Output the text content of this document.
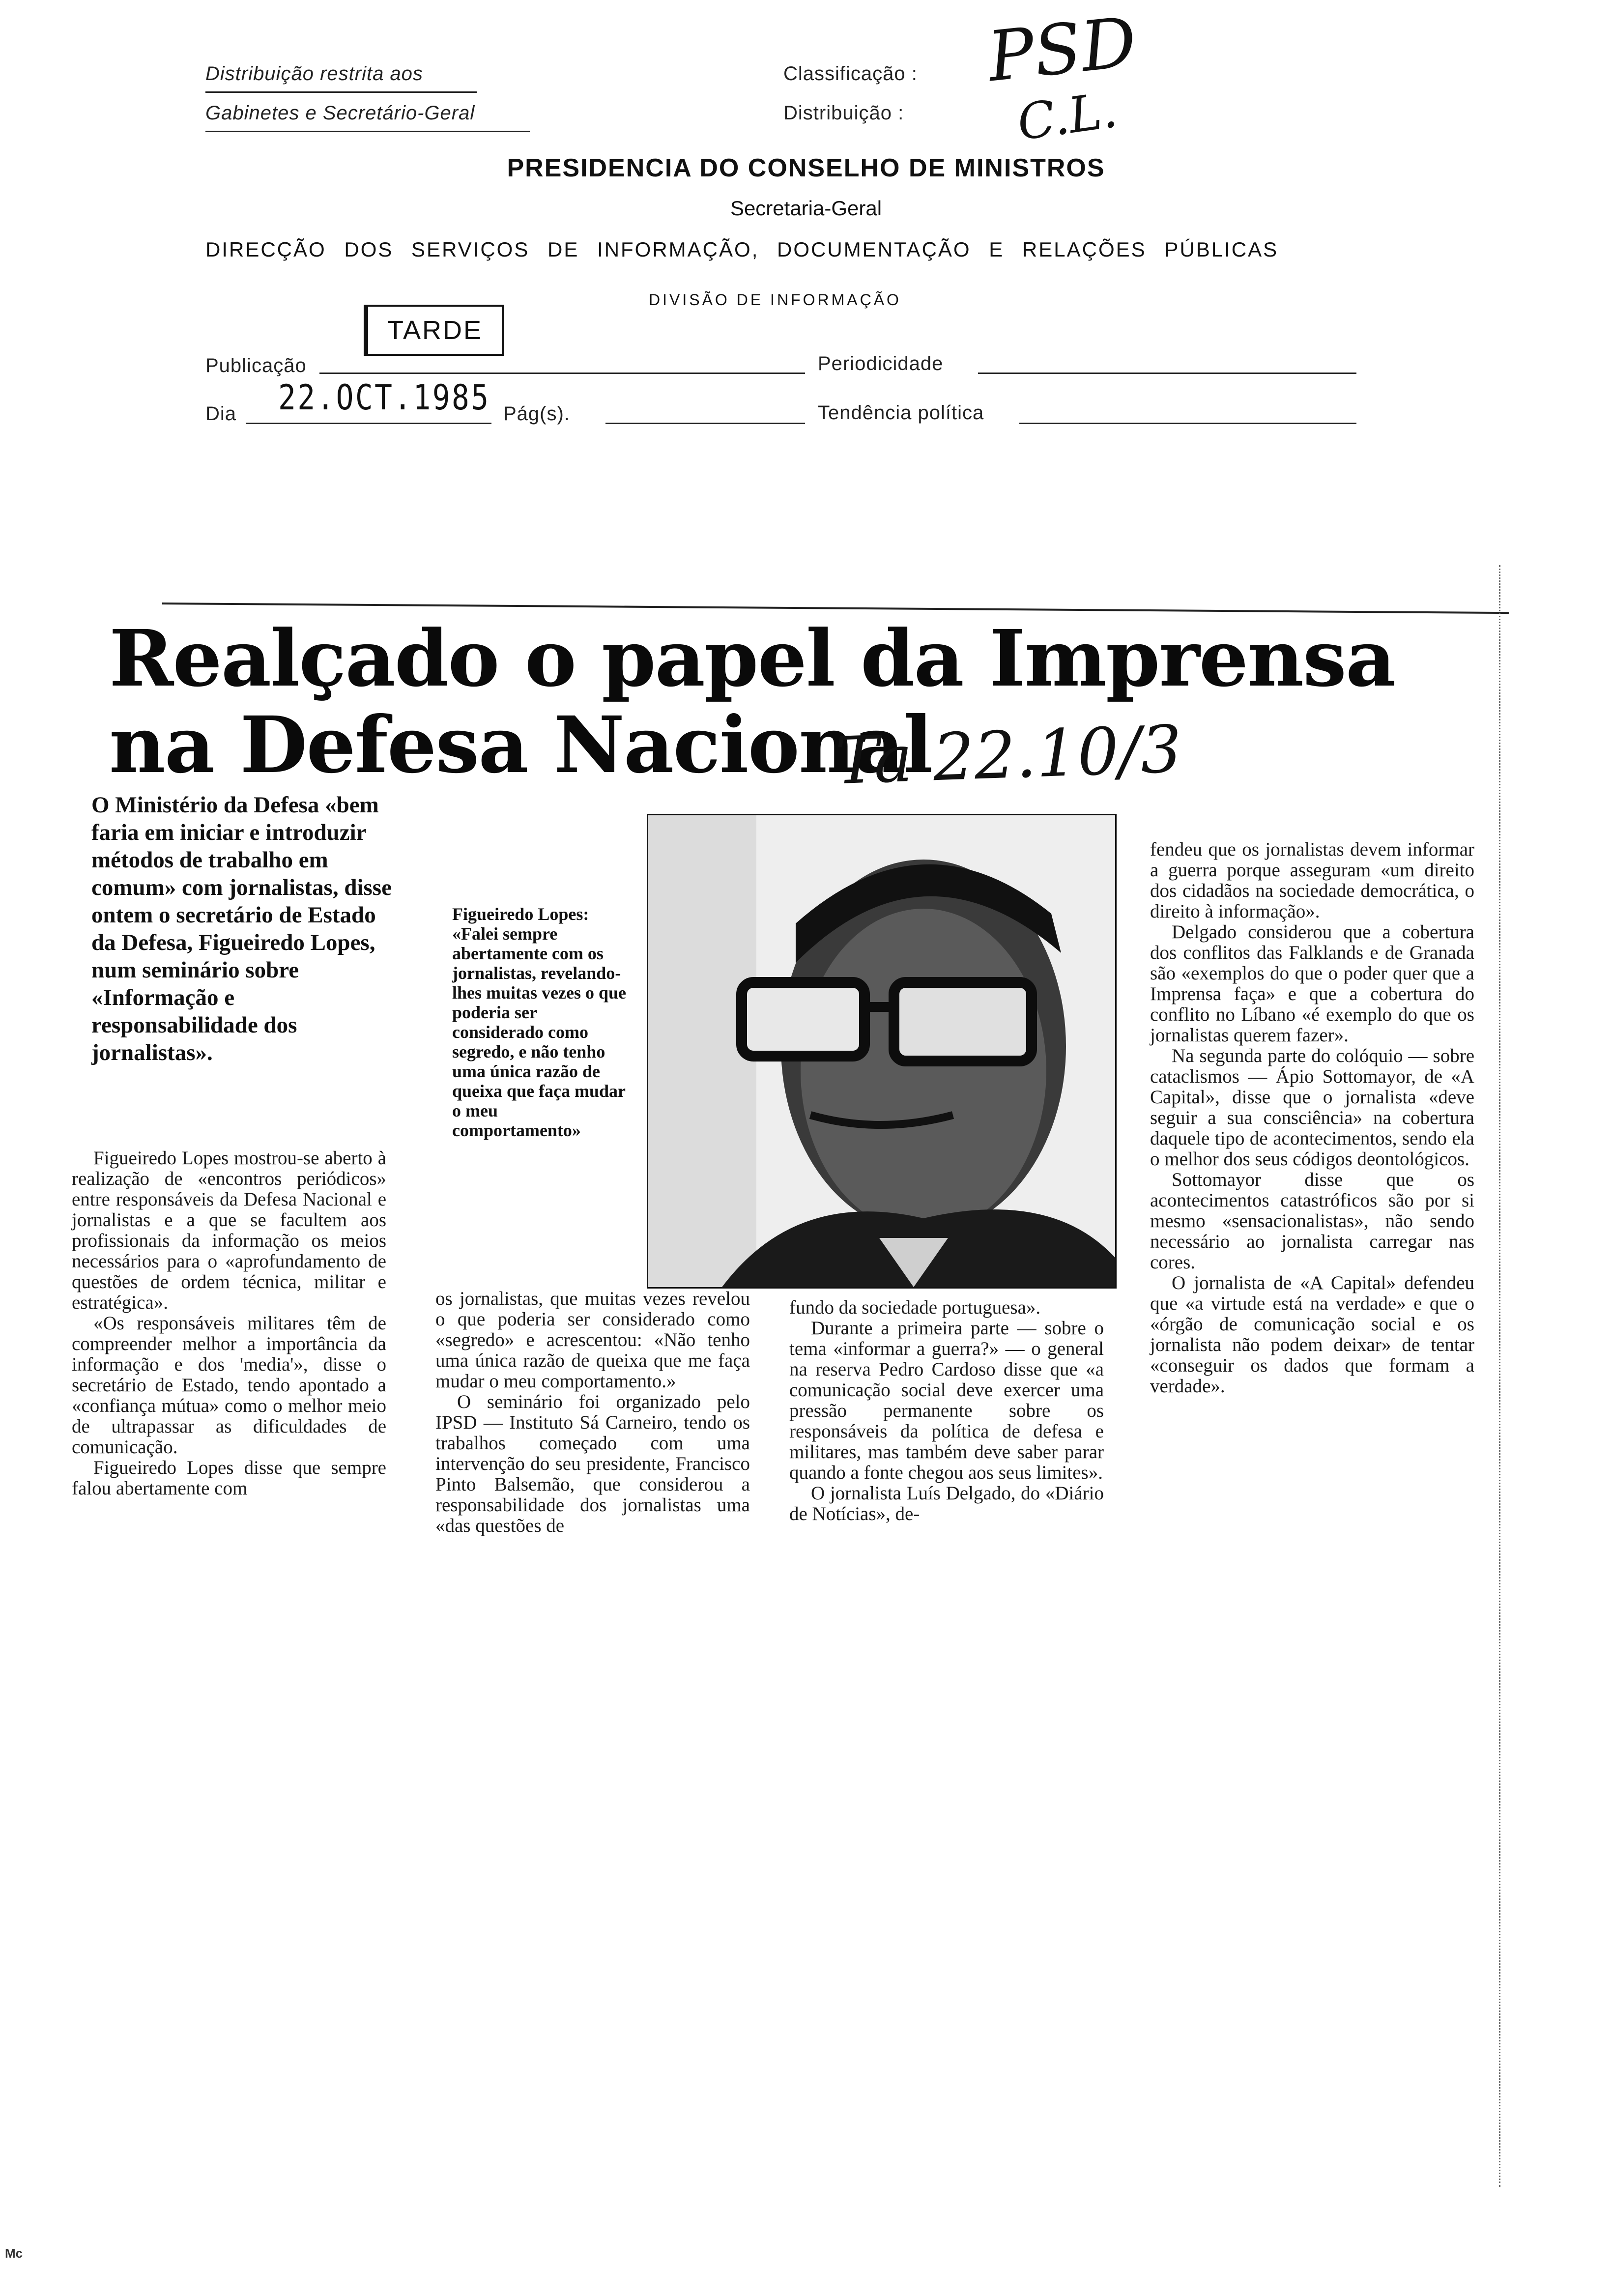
Distribuição restrita aos
Gabinetes e Secretário-Geral
Classificação :
Distribuição :
PSD
C.L.
PRESIDENCIA DO CONSELHO DE MINISTROS
Secretaria-Geral
DIRECÇÃO DOS SERVIÇOS DE INFORMAÇÃO, DOCUMENTAÇÃO E RELAÇÕES PÚBLICAS
DIVISÃO DE INFORMAÇÃO
TARDE
Publicação	Periodicidade
Dia 22.OCT.1985 Pág(s).	Tendência política
Realçado o papel da Imprensa
na Defesa Nacional
Ta 22.10/3
O Ministério da Defesa «bem faria em iniciar e introduzir métodos de trabalho em comum» com jornalistas, disse ontem o secretário de Estado da Defesa, Figueiredo Lopes, num seminário sobre «Informação e responsabilidade dos jornalistas».

Figueiredo Lopes mostrou-se aberto à realização de «encontros periódicos» entre responsáveis da Defesa Nacional e jornalistas e a que se facultem aos profissionais da informação os meios necessários para o «aprofundamento de questões de ordem técnica, militar e estratégica».

«Os responsáveis militares têm de compreender melhor a importância da informação e dos 'media'», disse o secretário de Estado, tendo apontado a «confiança mútua» como o melhor meio de ultrapassar as dificuldades de comunicação.

Figueiredo Lopes disse que sempre falou abertamente com

Figueiredo Lopes: «Falei sempre abertamente com os jornalistas, revelando-lhes muitas vezes o que poderia ser considerado como segredo, e não tenho uma única razão de queixa que faça mudar o meu comportamento»

os jornalistas, que muitas vezes revelou o que poderia ser considerado como «segredo» e acrescentou: «Não tenho uma única razão de queixa que me faça mudar o meu comportamento.»

O seminário foi organizado pelo IPSD — Instituto Sá Carneiro, tendo os trabalhos começado com uma intervenção do seu presidente, Francisco Pinto Balsemão, que considerou a responsabilidade dos jornalistas uma «das questões de

fundo da sociedade portuguesa».

Durante a primeira parte — sobre o tema «informar a guerra?» — o general na reserva Pedro Cardoso disse que «a comunicação social deve exercer uma pressão permanente sobre os responsáveis da política de defesa e militares, mas também deve saber parar quando a fonte chegou aos seus limites».

O jornalista Luís Delgado, do «Diário de Notícias», de-

fendeu que os jornalistas devem informar a guerra porque asseguram «um direito dos cidadãos na sociedade democrática, o direito à informação».

Delgado considerou que a cobertura dos conflitos das Falklands e de Granada são «exemplos do que o poder quer que a Imprensa faça» e que a cobertura do conflito no Líbano «é exemplo do que os jornalistas querem fazer».

Na segunda parte do colóquio — sobre cataclismos — Ápio Sottomayor, de «A Capital», disse que o jornalista «deve seguir a sua consciência» na cobertura daquele tipo de acontecimentos, sendo ela o melhor dos seus códigos deontológicos.

Sottomayor disse que os acontecimentos catastróficos são por si mesmo «sensacionalistas», não sendo necessário ao jornalista carregar nas cores.

O jornalista de «A Capital» defendeu que «a virtude está na verdade» e que o «órgão de comunicação social e os jornalista não podem deixar» de tentar «conseguir os dados que formam a verdade».

Mc
